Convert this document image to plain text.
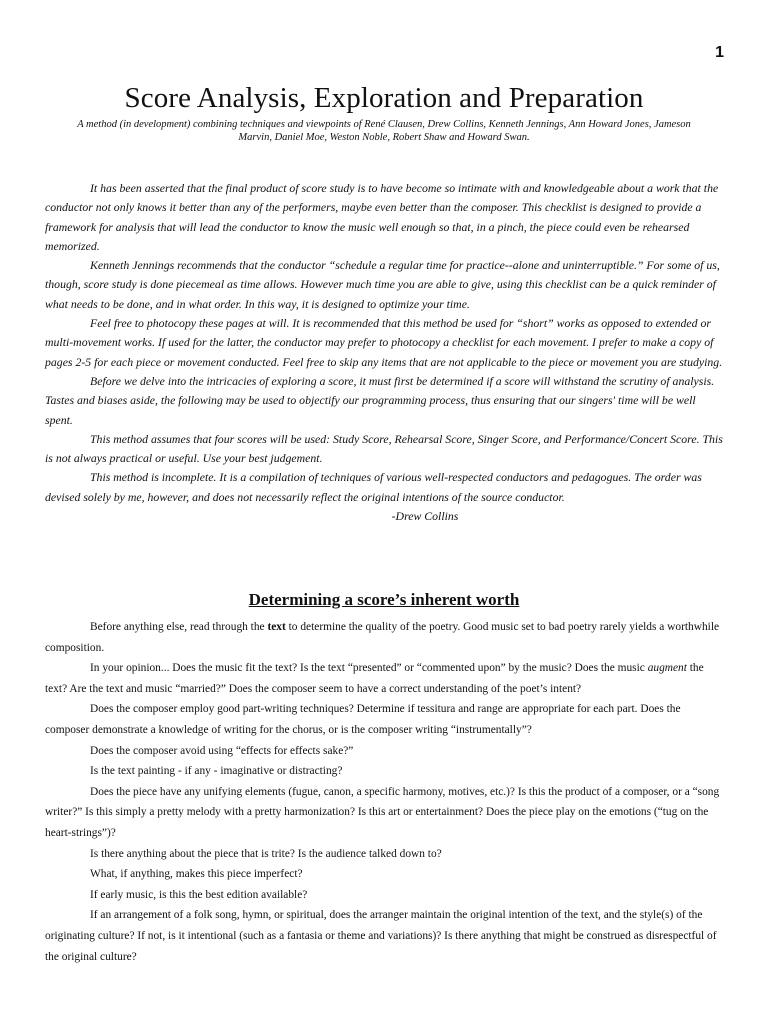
1
Score Analysis, Exploration and Preparation

A method (in development) combining techniques and viewpoints of René Clausen, Drew Collins, Kenneth Jennings, Ann Howard Jones, Jameson Marvin, Daniel Moe, Weston Noble, Robert Shaw and Howard Swan.

It has been asserted that the final product of score study is to have become so intimate with and knowledgeable about a work that the conductor not only knows it better than any of the performers, maybe even better than the composer. This checklist is designed to provide a framework for analysis that will lead the conductor to know the music well enough so that, in a pinch, the piece could even be rehearsed memorized.

Kenneth Jennings recommends that the conductor “schedule a regular time for practice--alone and uninterruptible.” For some of us, though, score study is done piecemeal as time allows. However much time you are able to give, using this checklist can be a quick reminder of what needs to be done, and in what order. In this way, it is designed to optimize your time.

Feel free to photocopy these pages at will. It is recommended that this method be used for “short” works as opposed to extended or multi-movement works. If used for the latter, the conductor may prefer to photocopy a checklist for each movement. I prefer to make a copy of pages 2-5 for each piece or movement conducted. Feel free to skip any items that are not applicable to the piece or movement you are studying.

Before we delve into the intricacies of exploring a score, it must first be determined if a score will withstand the scrutiny of analysis. Tastes and biases aside, the following may be used to objectify our programming process, thus ensuring that our singers' time will be well spent.

This method assumes that four scores will be used: Study Score, Rehearsal Score, Singer Score, and Performance/Concert Score. This is not always practical or useful. Use your best judgement.

This method is incomplete. It is a compilation of techniques of various well-respected conductors and pedagogues. The order was devised solely by me, however, and does not necessarily reflect the original intentions of the source conductor.

-Drew Collins

Determining a score’s inherent worth

Before anything else, read through the text to determine the quality of the poetry. Good music set to bad poetry rarely yields a worthwhile composition.

In your opinion... Does the music fit the text? Is the text “presented” or “commented upon” by the music? Does the music augment the text? Are the text and music “married?” Does the composer seem to have a correct understanding of the poet’s intent?

Does the composer employ good part-writing techniques? Determine if tessitura and range are appropriate for each part. Does the composer demonstrate a knowledge of writing for the chorus, or is the composer writing “instrumentally”?

Does the composer avoid using “effects for effects sake?”

Is the text painting - if any - imaginative or distracting?

Does the piece have any unifying elements (fugue, canon, a specific harmony, motives, etc.)? Is this the product of a composer, or a “song writer?” Is this simply a pretty melody with a pretty harmonization? Is this art or entertainment? Does the piece play on the emotions (“tug on the heart-strings”)?

Is there anything about the piece that is trite? Is the audience talked down to?

What, if anything, makes this piece imperfect?

If early music, is this the best edition available?

If an arrangement of a folk song, hymn, or spiritual, does the arranger maintain the original intention of the text, and the style(s) of the originating culture? If not, is it intentional (such as a fantasia or theme and variations)? Is there anything that might be construed as disrespectful of the original culture?
